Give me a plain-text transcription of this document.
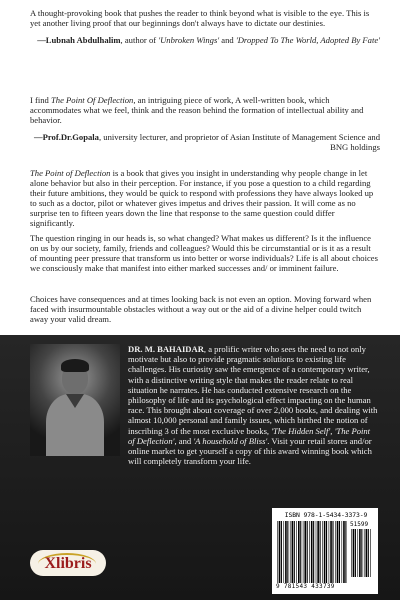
A thought-provoking book that pushes the reader to think beyond what is visible to the eye. This is yet another living proof that our beginnings don't always have to dictate our destinies.

—Lubnah Abdulhalim, author of 'Unbroken Wings' and 'Dropped To The World, Adopted By Fate'

I find The Point Of Deflection, an intriguing piece of work, A well-written book, which accommodates what we feel, think and the reason behind the formation of intellectual ability and behavior.

—Prof.Dr.Gopala, university lecturer, and proprietor of Asian Institute of Management Science and BNG holdings

The Point of Deflection is a book that gives you insight in understanding why people change in let alone behavior but also in their perception. For instance, if you pose a question to a child regarding their future ambitions, they would be quick to respond with professions they have always looked up to such as a doctor, pilot or whatever gives impetus and drives their passion. It will come as no surprise ten to fifteen years down the line that response to the same question could differ significantly.

The question ringing in our heads is, so what changed? What makes us different? Is it the influence on us by our society, family, friends and colleagues? Would this be circumstantial or is it as a result of mounting peer pressure that transform us into better or worse individuals? Life is all about choices we consciously make that manifest into either marked successes and/ or imminent failure.

Choices have consequences and at times looking back is not even an option. Moving forward when faced with insurmountable obstacles without a way out or the aid of a divine helper could twitch away your valid dream.

DR. M. BAHAIDAR, a prolific writer who sees the need to not only motivate but also to provide pragmatic solutions to existing life challenges. His curiosity saw the emergence of a contemporary writer, with a distinctive writing style that makes the reader relate to real situation he narrates. He has conducted extensive research on the philosophy of life and its psychological effect impacting on the human race. This brought about coverage of over 2,000 books, and dealing with almost 10,000 personal and family issues, which birthed the notion of inscribing 3 of the most exclusive books, 'The Hidden Self', 'The Point of Deflection', and 'A household of Bliss'. Visit your retail stores and/or online market to get yourself a copy of this award winning book which will completely transform your life.

Xlibris
ISBN 978-1-5434-3373-9
51599
9 781543 433739
